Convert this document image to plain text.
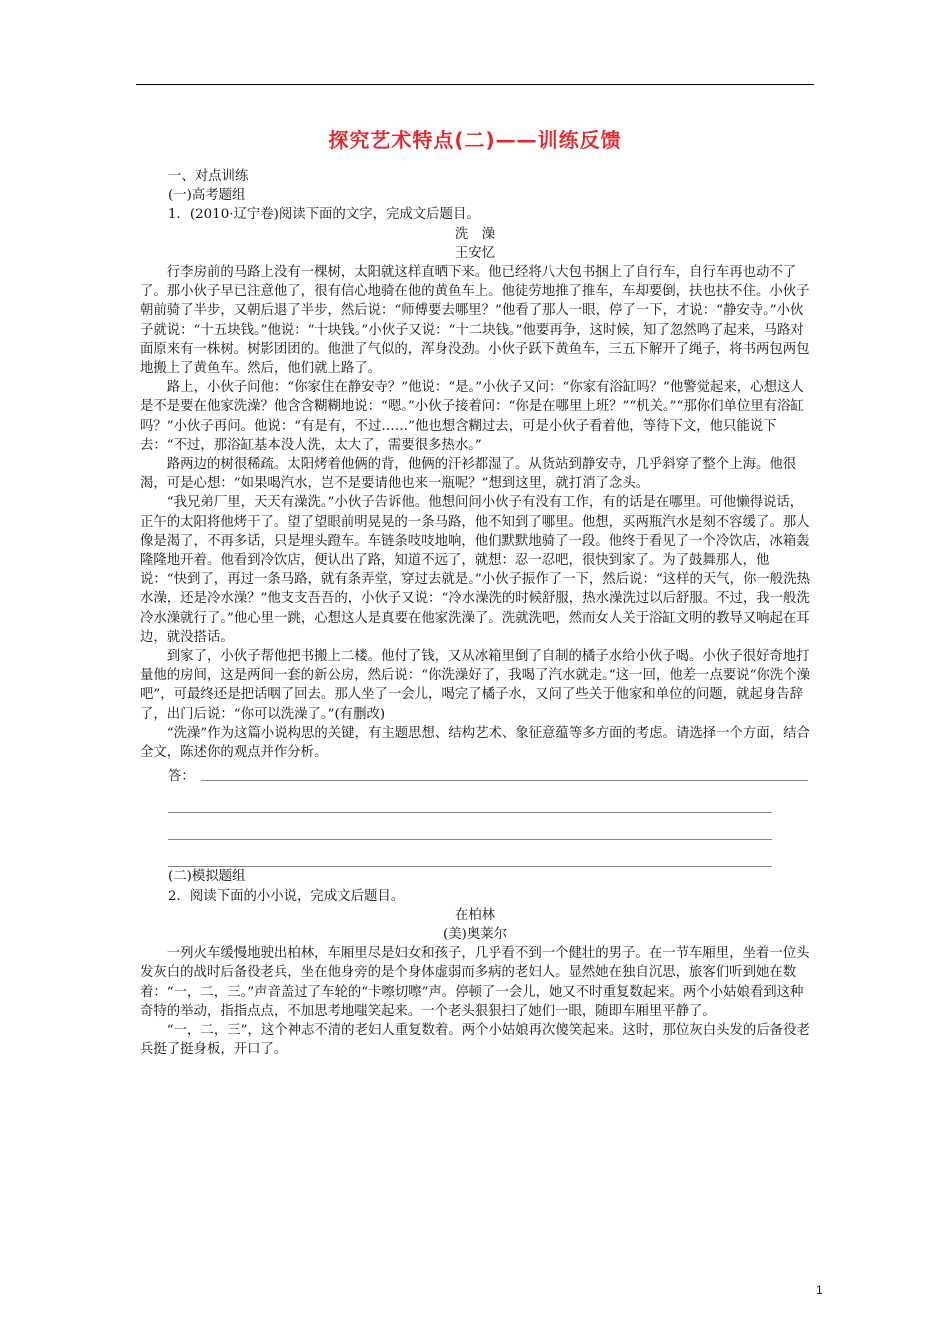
探究艺术特点(二)——训练反馈

一、对点训练

(一)高考题组

1．(2010·辽宁卷)阅读下面的文字，完成文后题目。

洗　澡

王安忆

行李房前的马路上没有一棵树，太阳就这样直晒下来。他已经将八大包书捆上了自行车，自行车再也动不了了。那小伙子早已注意他了，很有信心地骑在他的黄鱼车上。他徒劳地推了推车，车却要倒，扶也扶不住。小伙子朝前骑了半步，又朝后退了半步，然后说：“师傅要去哪里？”他看了那人一眼，停了一下，才说：“静安寺。”小伙子就说：“十五块钱。”他说：“十块钱。”小伙子又说：“十二块钱。”他要再争，这时候，知了忽然鸣了起来，马路对面原来有一株树。树影团团的。他泄了气似的，浑身没劲。小伙子跃下黄鱼车，三五下解开了绳子，将书两包两包地搬上了黄鱼车。然后，他们就上路了。

路上，小伙子问他：“你家住在静安寺？”他说：“是。”小伙子又问：“你家有浴缸吗？”他警觉起来，心想这人是不是要在他家洗澡？他含含糊糊地说：“嗯。”小伙子接着问：“你是在哪里上班？”“机关。”“那你们单位里有浴缸吗？”小伙子再问。他说：“有是有，不过……”他也想含糊过去，可是小伙子看着他，等待下文，他只能说下去：“不过，那浴缸基本没人洗，太大了，需要很多热水。”

路两边的树很稀疏。太阳烤着他俩的背，他俩的汗衫都湿了。从货站到静安寺，几乎斜穿了整个上海。他很渴，可是心想：“如果喝汽水，岂不是要请他也来一瓶呢？”想到这里，就打消了念头。

“我兄弟厂里，天天有澡洗。”小伙子告诉他。他想问问小伙子有没有工作，有的话是在哪里。可他懒得说话，正午的太阳将他烤干了。望了望眼前明晃晃的一条马路，他不知到了哪里。他想，买两瓶汽水是刻不容缓了。那人像是渴了，不再多话，只是埋头蹬车。车链条吱吱地响，他们默默地骑了一段。他终于看见了一个冷饮店，冰箱轰隆隆地开着。他看到冷饮店，便认出了路，知道不远了，就想：忍一忍吧，很快到家了。为了鼓舞那人，他说：“快到了，再过一条马路，就有条弄堂，穿过去就是。”小伙子振作了一下，然后说：“这样的天气，你一般洗热水澡，还是冷水澡？”他支支吾吾的，小伙子又说：“冷水澡洗的时候舒服，热水澡洗过以后舒服。不过，我一般洗冷水澡就行了。”他心里一跳，心想这人是真要在他家洗澡了。洗就洗吧，然而女人关于浴缸文明的教导又响起在耳边，就没搭话。

到家了，小伙子帮他把书搬上二楼。他付了钱，又从冰箱里倒了自制的橘子水给小伙子喝。小伙子很好奇地打量他的房间，这是两间一套的新公房，然后说：“你洗澡好了，我喝了汽水就走。”这一回，他差一点要说“你洗个澡吧”，可最终还是把话咽了回去。那人坐了一会儿，喝完了橘子水，又问了些关于他家和单位的问题，就起身告辞了，出门后说：“你可以洗澡了。”(有删改)

“洗澡”作为这篇小说构思的关键，有主题思想、结构艺术、象征意蕴等多方面的考虑。请选择一个方面，结合全文，陈述你的观点并作分析。

答：

(二)模拟题组

2．阅读下面的小小说，完成文后题目。

在柏林

(美)奥莱尔

一列火车缓慢地驶出柏林，车厢里尽是妇女和孩子，几乎看不到一个健壮的男子。在一节车厢里，坐着一位头发灰白的战时后备役老兵，坐在他身旁的是个身体虚弱而多病的老妇人。显然她在独自沉思，旅客们听到她在数着：“一，二，三。”声音盖过了车轮的“卡嚓切嚓”声。停顿了一会儿，她又不时重复数起来。两个小姑娘看到这种奇特的举动，指指点点，不加思考地嗤笑起来。一个老头狠狠扫了她们一眼，随即车厢里平静了。

“一，二，三”，这个神志不清的老妇人重复数着。两个小姑娘再次傻笑起来。这时，那位灰白头发的后备役老兵挺了挺身板，开口了。

1
